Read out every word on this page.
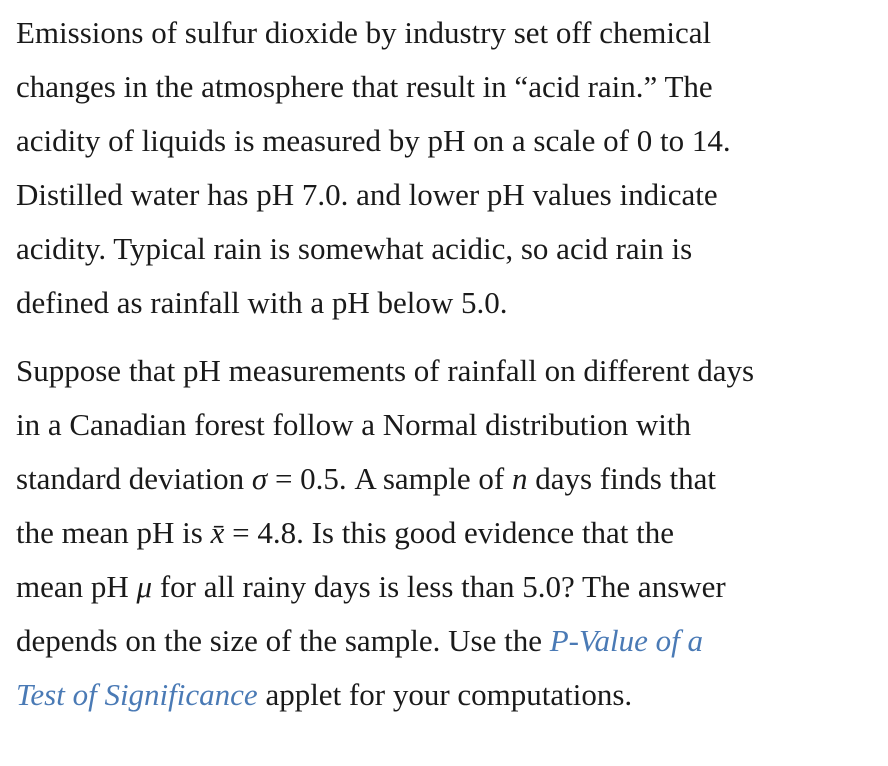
Emissions of sulfur dioxide by industry set off chemical
changes in the atmosphere that result in “acid rain.” The
acidity of liquids is measured by pH on a scale of 0 to 14.
Distilled water has pH 7.0. and lower pH values indicate
acidity. Typical rain is somewhat acidic, so acid rain is
defined as rainfall with a pH below 5.0.

Suppose that pH measurements of rainfall on different days
in a Canadian forest follow a Normal distribution with
standard deviation σ = 0.5. A sample of n days finds that
the mean pH is x̄ = 4.8. Is this good evidence that the
mean pH μ for all rainy days is less than 5.0? The answer
depends on the size of the sample. Use the P-Value of a
Test of Significance applet for your computations.
